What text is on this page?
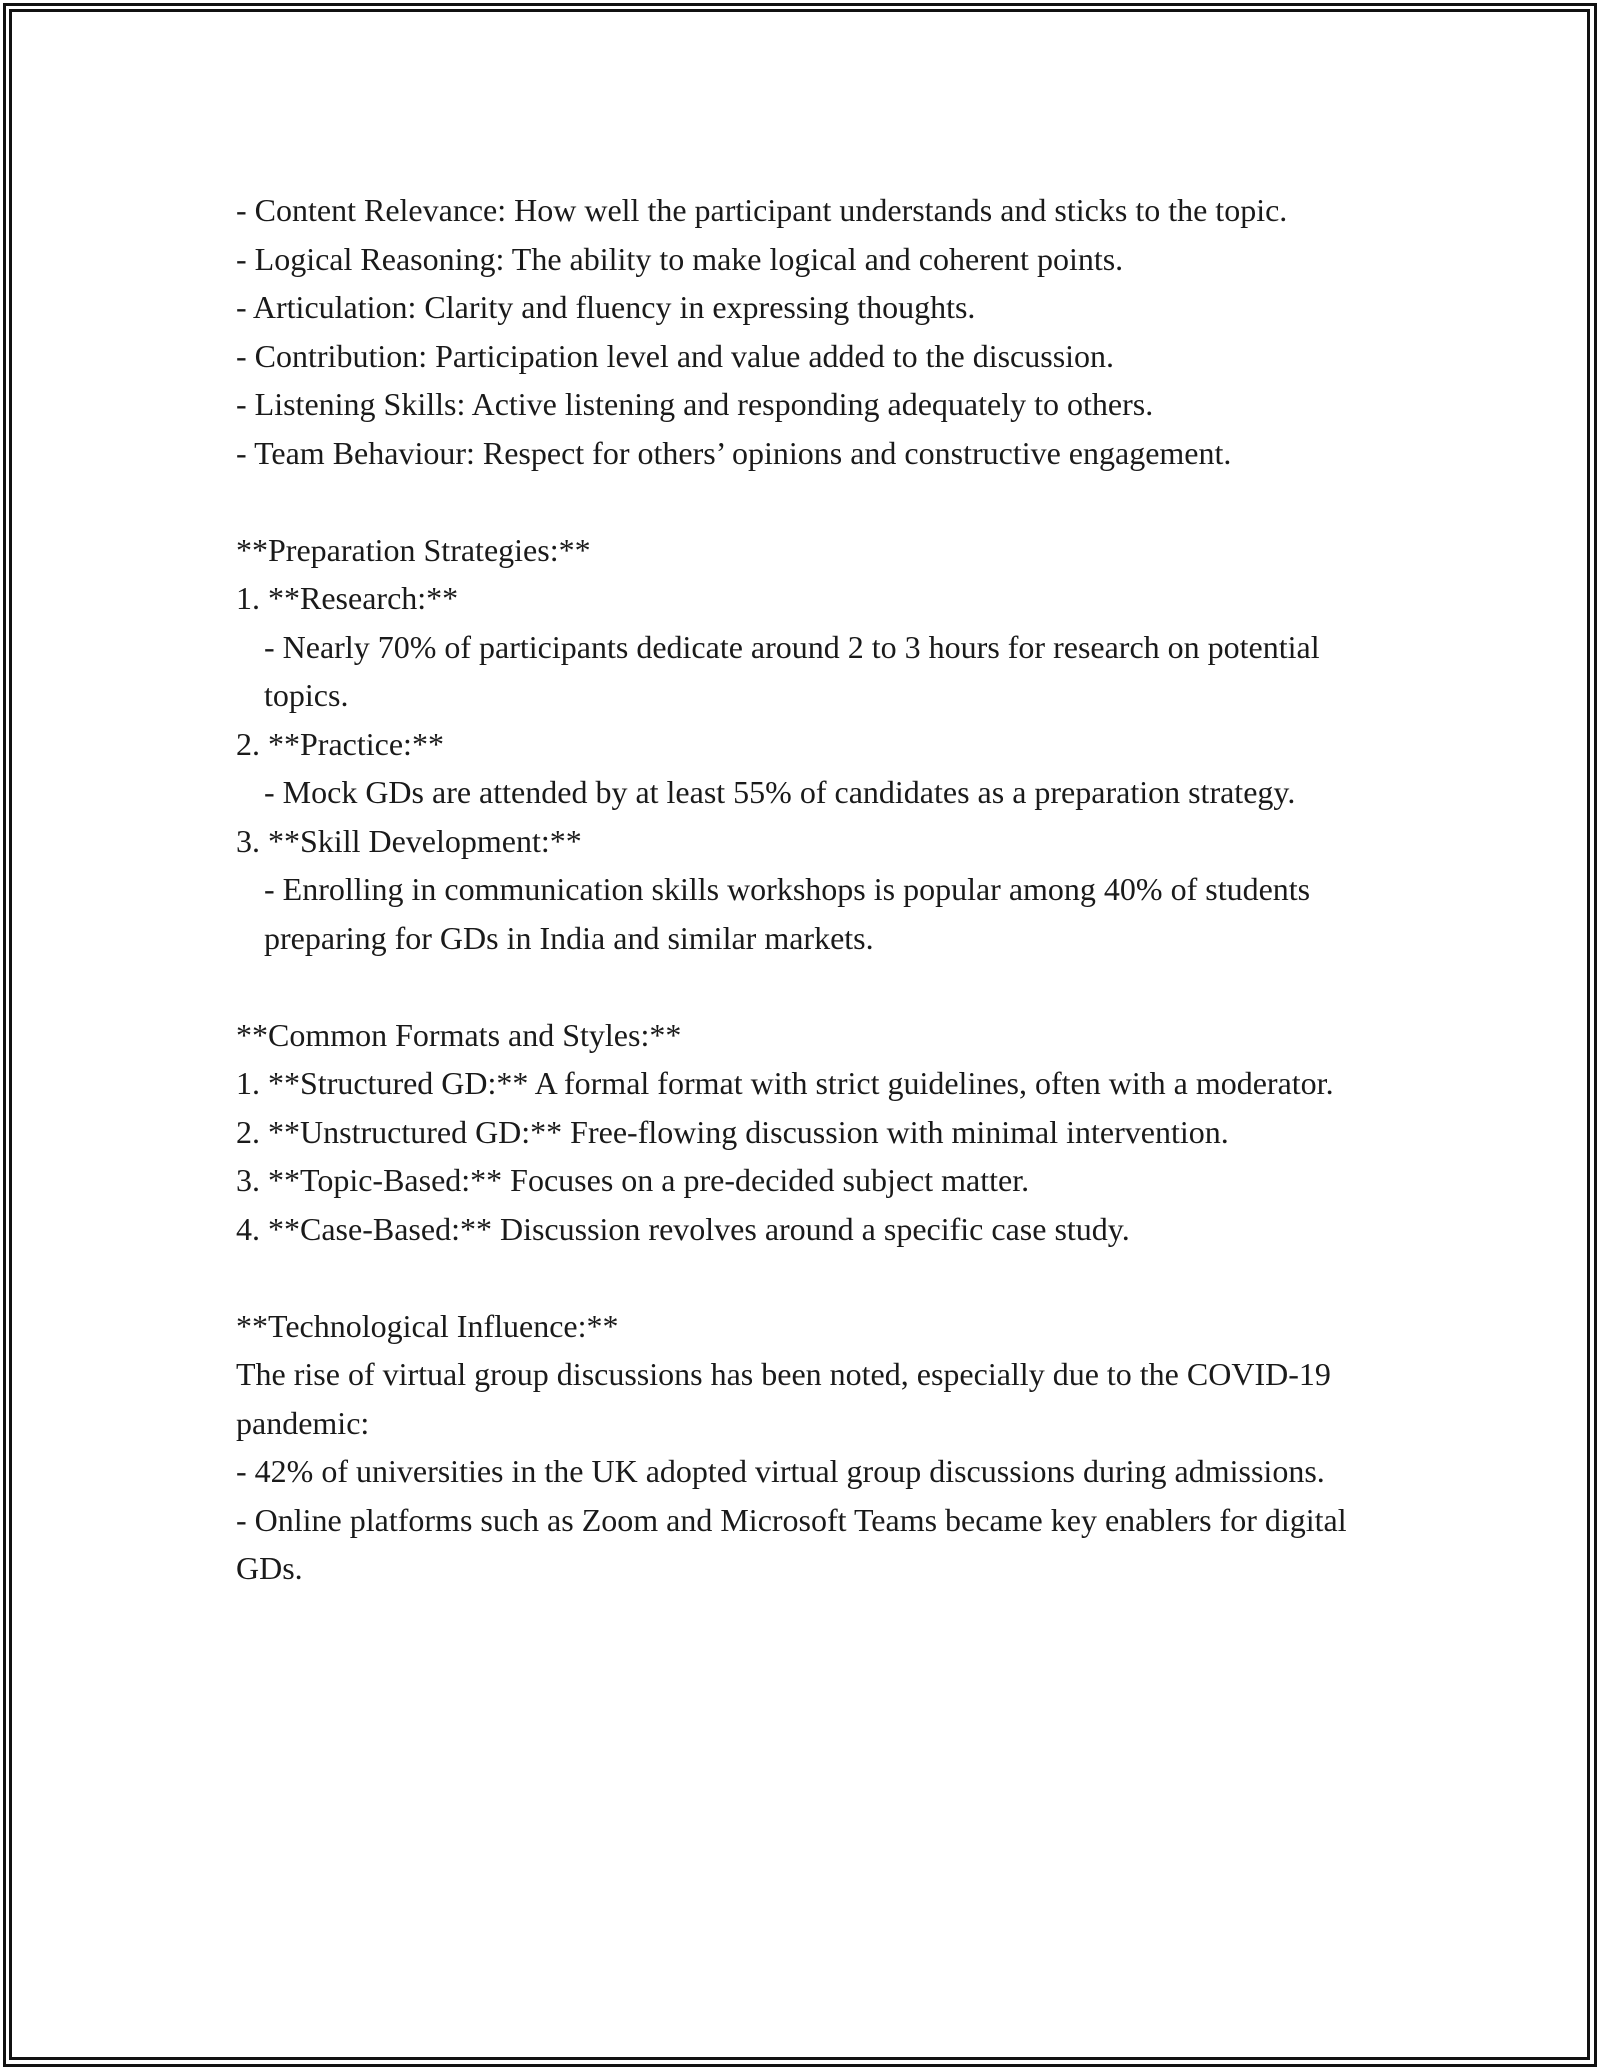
- Content Relevance: How well the participant understands and sticks to the topic.
- Logical Reasoning: The ability to make logical and coherent points.
- Articulation: Clarity and fluency in expressing thoughts.
- Contribution: Participation level and value added to the discussion.
- Listening Skills: Active listening and responding adequately to others.
- Team Behaviour: Respect for others’ opinions and constructive engagement.
**Preparation Strategies:**
1. **Research:**
- Nearly 70% of participants dedicate around 2 to 3 hours for research on potential topics.
2. **Practice:**
- Mock GDs are attended by at least 55% of candidates as a preparation strategy.
3. **Skill Development:**
- Enrolling in communication skills workshops is popular among 40% of students preparing for GDs in India and similar markets.
**Common Formats and Styles:**
1. **Structured GD:** A formal format with strict guidelines, often with a moderator.
2. **Unstructured GD:** Free-flowing discussion with minimal intervention.
3. **Topic-Based:** Focuses on a pre-decided subject matter.
4. **Case-Based:** Discussion revolves around a specific case study.
**Technological Influence:**
The rise of virtual group discussions has been noted, especially due to the COVID-19 pandemic:
- 42% of universities in the UK adopted virtual group discussions during admissions.
- Online platforms such as Zoom and Microsoft Teams became key enablers for digital GDs.
